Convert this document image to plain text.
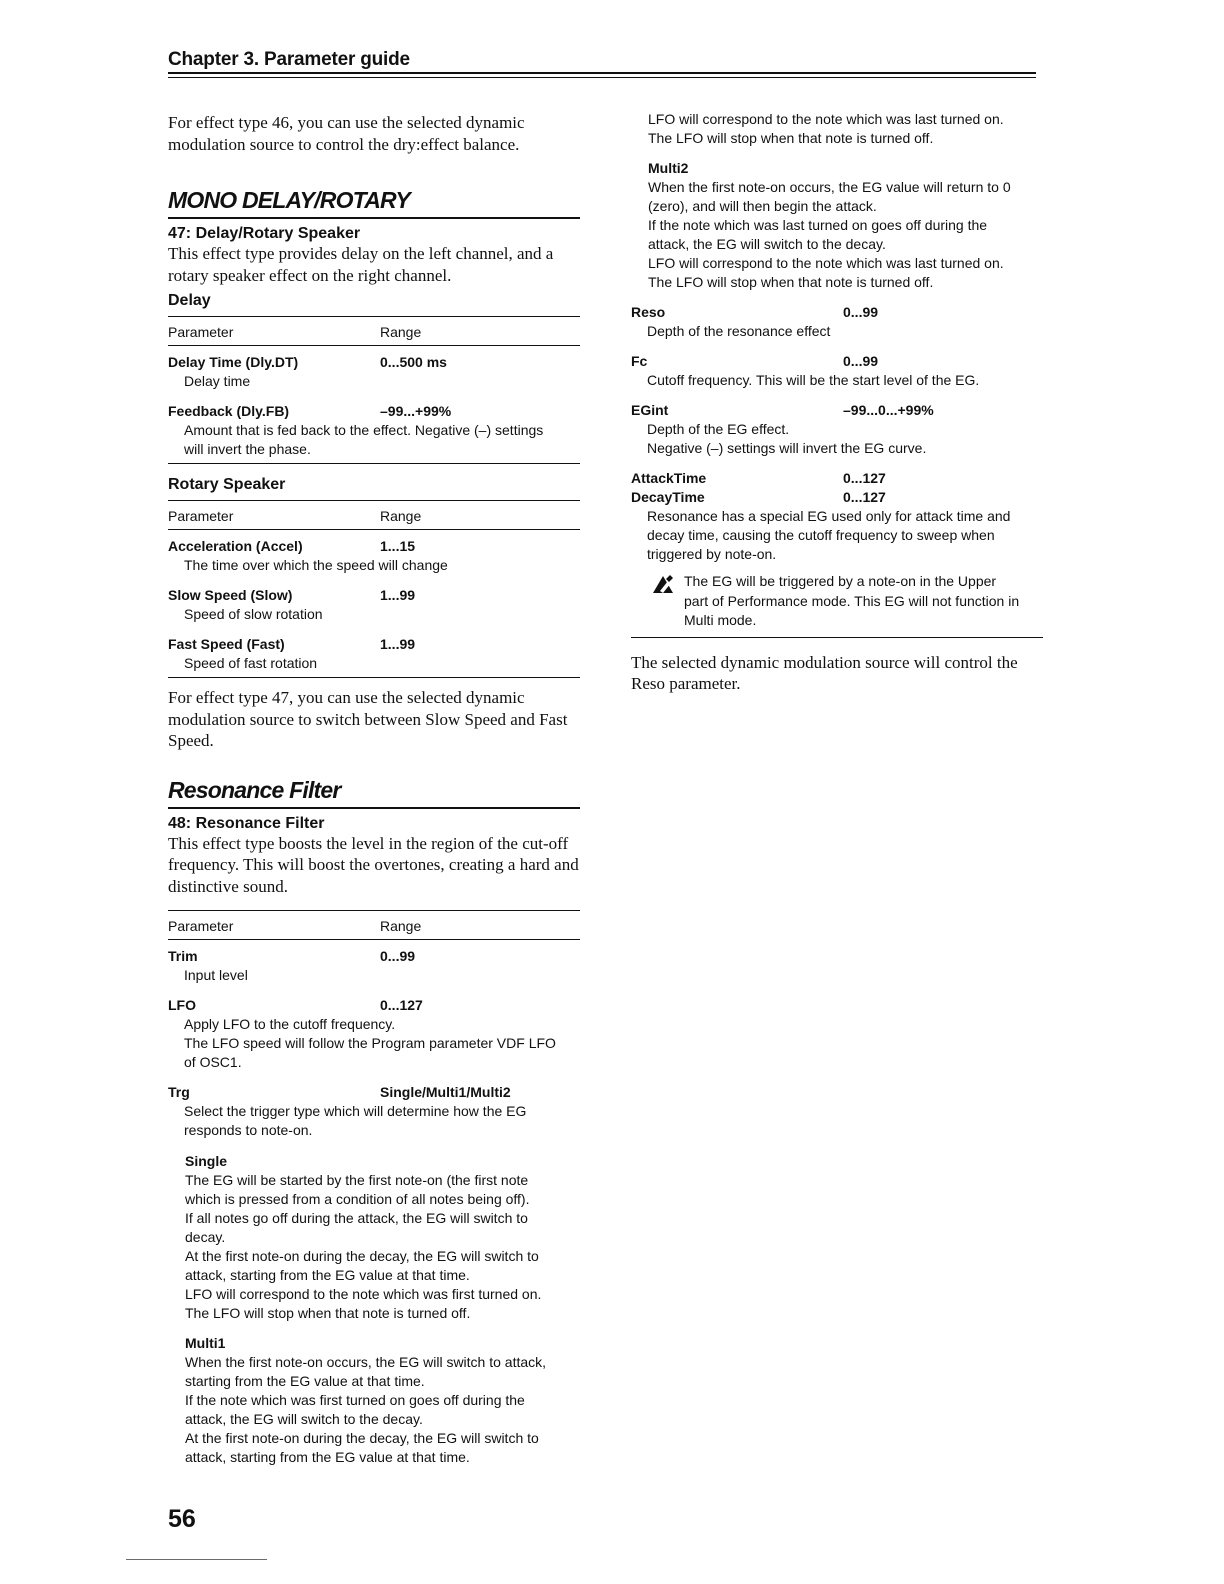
Chapter 3. Parameter guide

For effect type 46, you can use the selected dynamic modulation source to control the dry:effect balance.

MONO DELAY/ROTARY
47: Delay/Rotary Speaker

This effect type provides delay on the left channel, and a rotary speaker effect on the right channel.

Delay
Parameter	Range
Delay Time (Dly.DT)	0...500 ms
Delay time
Feedback (Dly.FB)	–99...+99%
Amount that is fed back to the effect. Negative (–) settings
will invert the phase.
Rotary Speaker
Parameter	Range
Acceleration (Accel)	1...15
The time over which the speed will change
Slow Speed (Slow)	1...99
Speed of slow rotation
Fast Speed (Fast)	1...99
Speed of fast rotation

For effect type 47, you can use the selected dynamic modulation source to switch between Slow Speed and Fast Speed.

Resonance Filter
48: Resonance Filter

This effect type boosts the level in the region of the cut-off frequency. This will boost the overtones, creating a hard and distinctive sound.

Parameter	Range
Trim	0...99
Input level
LFO	0...127
Apply LFO to the cutoff frequency.
The LFO speed will follow the Program parameter VDF LFO
of OSC1.
Trg	Single/Multi1/Multi2
Select the trigger type which will determine how the EG
responds to note-on.
Single
The EG will be started by the first note-on (the first note
which is pressed from a condition of all notes being off).
If all notes go off during the attack, the EG will switch to
decay.
At the first note-on during the decay, the EG will switch to
attack, starting from the EG value at that time.
LFO will correspond to the note which was first turned on.
The LFO will stop when that note is turned off.
Multi1
When the first note-on occurs, the EG will switch to attack,
starting from the EG value at that time.
If the note which was first turned on goes off during the
attack, the EG will switch to the decay.
At the first note-on during the decay, the EG will switch to
attack, starting from the EG value at that time.
LFO will correspond to the note which was last turned on.
The LFO will stop when that note is turned off.
Multi2
When the first note-on occurs, the EG value will return to 0
(zero), and will then begin the attack.
If the note which was last turned on goes off during the
attack, the EG will switch to the decay.
LFO will correspond to the note which was last turned on.
The LFO will stop when that note is turned off.
Reso	0...99
Depth of the resonance effect
Fc	0...99
Cutoff frequency. This will be the start level of the EG.
EGint	–99...0...+99%
Depth of the EG effect.
Negative (–) settings will invert the EG curve.
AttackTime	0...127
DecayTime	0...127
Resonance has a special EG used only for attack time and
decay time, causing the cutoff frequency to sweep when
triggered by note-on.
The EG will be triggered by a note-on in the Upper
part of Performance mode. This EG will not function in
Multi mode.

The selected dynamic modulation source will control the Reso parameter.

56
